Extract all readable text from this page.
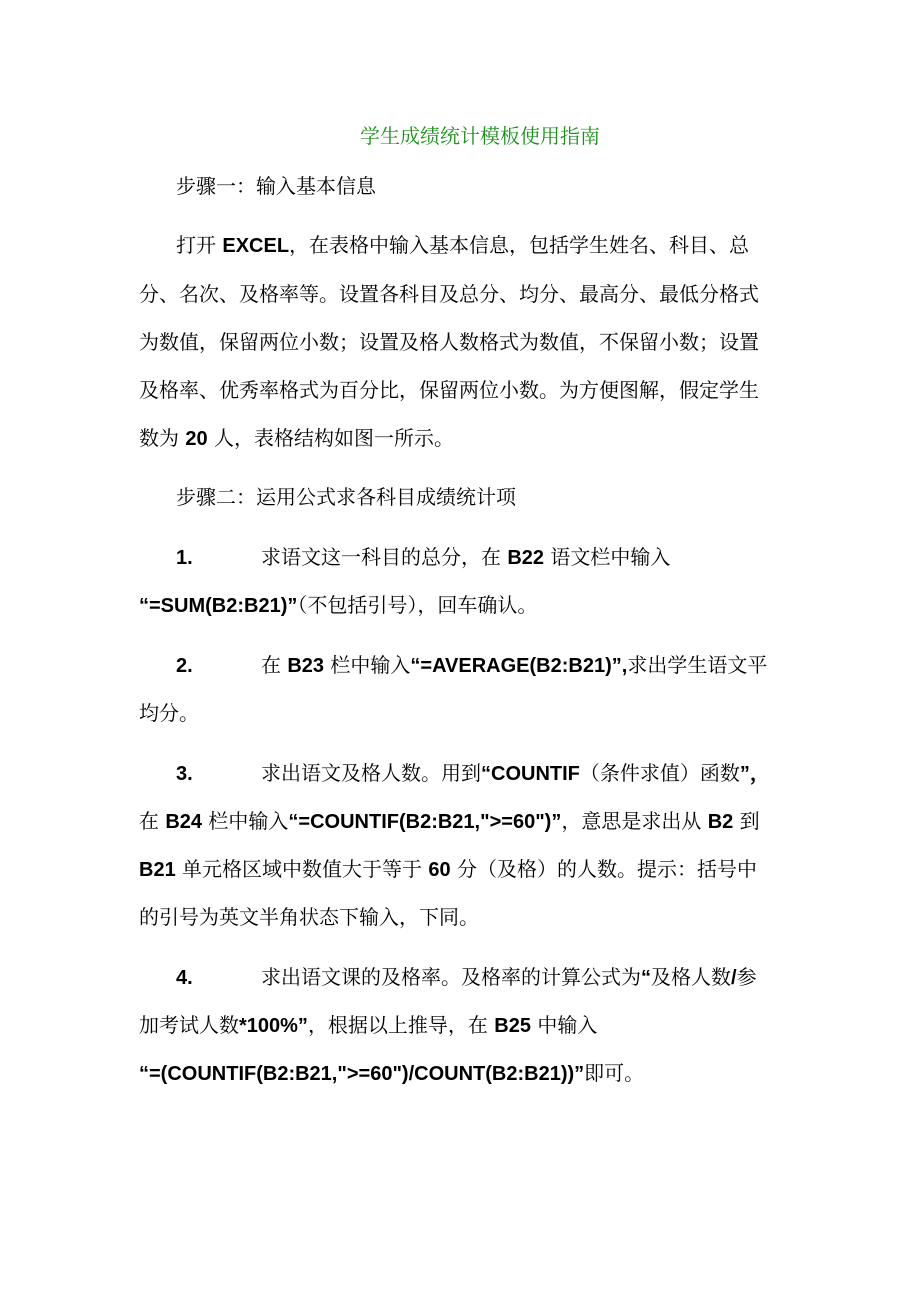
学生成绩统计模板使用指南
步骤一：输入基本信息
打开 EXCEL，在表格中输入基本信息，包括学生姓名、科目、总
分、名次、及格率等。设置各科目及总分、均分、最高分、最低分格式
为数值，保留两位小数；设置及格人数格式为数值，不保留小数；设置
及格率、优秀率格式为百分比，保留两位小数。为方便图解，假定学生
数为 20 人，表格结构如图一所示。
步骤二：运用公式求各科目成绩统计项
1.	求语文这一科目的总分，在 B22 语文栏中输入
“=SUM(B2:B21)”（不包括引号），回车确认。
2.	在 B23 栏中输入“=AVERAGE(B2:B21)”,求出学生语文平
均分。
3.	求出语文及格人数。用到“COUNTIF（条件求值）函数”，
在 B24 栏中输入“=COUNTIF(B2:B21,">=60")”，意思是求出从 B2 到
B21 单元格区域中数值大于等于 60 分（及格）的人数。提示：括号中
的引号为英文半角状态下输入，下同。
4.	求出语文课的及格率。及格率的计算公式为“及格人数/参
加考试人数*100%”，根据以上推导，在 B25 中输入
“=(COUNTIF(B2:B21,">=60")/COUNT(B2:B21))”即可。
